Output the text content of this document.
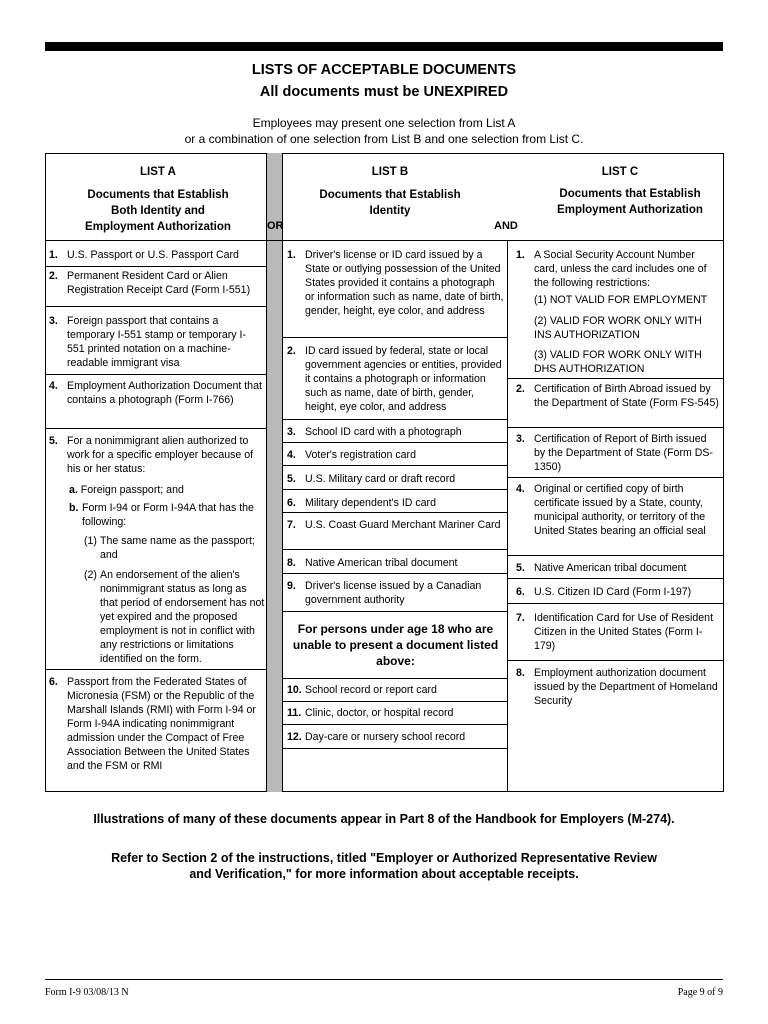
LISTS OF ACCEPTABLE DOCUMENTS
All documents must be UNEXPIRED
Employees may present one selection from List A
or a combination of one selection from List B and one selection from List C.
LIST A
Documents that Establish
Both Identity and
Employment Authorization	OR
LIST B
Documents that Establish
Identity
AND
LIST C
Documents that Establish
Employment Authorization
1. U.S. Passport or U.S. Passport Card
2. Permanent Resident Card or Alien Registration Receipt Card (Form I-551)
3. Foreign passport that contains a temporary I-551 stamp or temporary I-551 printed notation on a machine-readable immigrant visa
4. Employment Authorization Document that contains a photograph (Form I-766)
5. For a nonimmigrant alien authorized to work for a specific employer because of his or her status:
a. Foreign passport; and
b. Form I-94 or Form I-94A that has the following:
(1) The same name as the passport; and
(2) An endorsement of the alien's nonimmigrant status as long as that period of endorsement has not yet expired and the proposed employment is not in conflict with any restrictions or limitations identified on the form.
6. Passport from the Federated States of Micronesia (FSM) or the Republic of the Marshall Islands (RMI) with Form I-94 or Form I-94A indicating nonimmigrant admission under the Compact of Free Association Between the United States and the FSM or RMI
1. Driver's license or ID card issued by a State or outlying possession of the United States provided it contains a photograph or information such as name, date of birth, gender, height, eye color, and address
2. ID card issued by federal, state or local government agencies or entities, provided it contains a photograph or information such as name, date of birth, gender, height, eye color, and address
3. School ID card with a photograph
4. Voter's registration card
5. U.S. Military card or draft record
6. Military dependent's ID card
7. U.S. Coast Guard Merchant Mariner Card
8. Native American tribal document
9. Driver's license issued by a Canadian government authority
For persons under age 18 who are unable to present a document listed above:
10. School record or report card
11. Clinic, doctor, or hospital record
12. Day-care or nursery school record
1. A Social Security Account Number card, unless the card includes one of the following restrictions:
(1) NOT VALID FOR EMPLOYMENT
(2) VALID FOR WORK ONLY WITH INS AUTHORIZATION
(3) VALID FOR WORK ONLY WITH DHS AUTHORIZATION
2. Certification of Birth Abroad issued by the Department of State (Form FS-545)
3. Certification of Report of Birth issued by the Department of State (Form DS-1350)
4. Original or certified copy of birth certificate issued by a State, county, municipal authority, or territory of the United States bearing an official seal
5. Native American tribal document
6. U.S. Citizen ID Card (Form I-197)
7. Identification Card for Use of Resident Citizen in the United States (Form I-179)
8. Employment authorization document issued by the Department of Homeland Security
Illustrations of many of these documents appear in Part 8 of the Handbook for Employers (M-274).
Refer to Section 2 of the instructions, titled "Employer or Authorized Representative Review
and Verification," for more information about acceptable receipts.
Form I-9 03/08/13 N	Page 9 of 9
